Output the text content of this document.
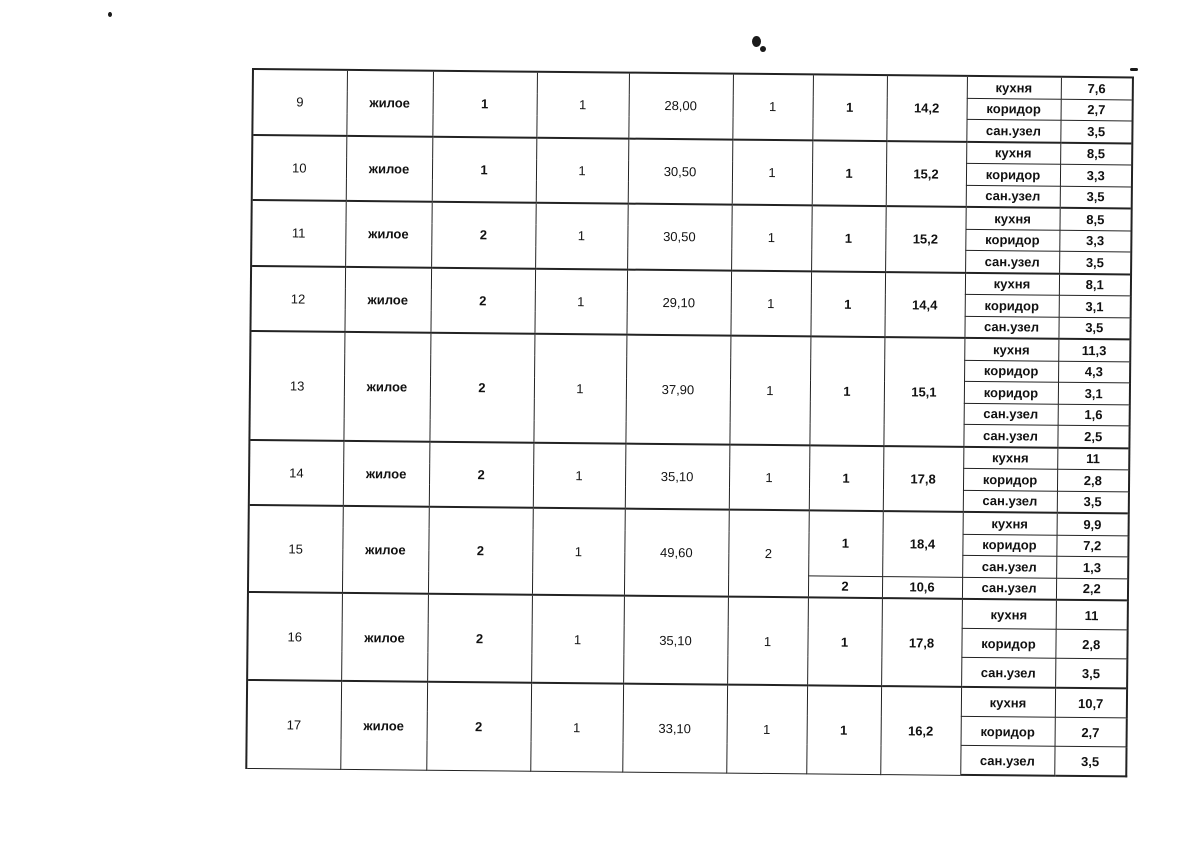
9	жилое	1	1	28,00	1	1	14,2	кухня	7,6
								коридор	2,7
								сан.узел	3,5
10	жилое	1	1	30,50	1	1	15,2	кухня	8,5
								коридор	3,3
								сан.узел	3,5
11	жилое	2	1	30,50	1	1	15,2	кухня	8,5
								коридор	3,3
								сан.узел	3,5
12	жилое	2	1	29,10	1	1	14,4	кухня	8,1
								коридор	3,1
								сан.узел	3,5
13	жилое	2	1	37,90	1	1	15,1	кухня	11,3
								коридор	4,3
								коридор	3,1
								сан.узел	1,6
								сан.узел	2,5
14	жилое	2	1	35,10	1	1	17,8	кухня	11
								коридор	2,8
								сан.узел	3,5
15	жилое	2	1	49,60	2	1	18,4	кухня	9,9
								коридор	7,2
								сан.узел	1,3
						2	10,6	сан.узел	2,2
16	жилое	2	1	35,10	1	1	17,8	кухня	11
								коридор	2,8
								сан.узел	3,5
17	жилое	2	1	33,10	1	1	16,2	кухня	10,7
								коридор	2,7
								сан.узел	3,5
